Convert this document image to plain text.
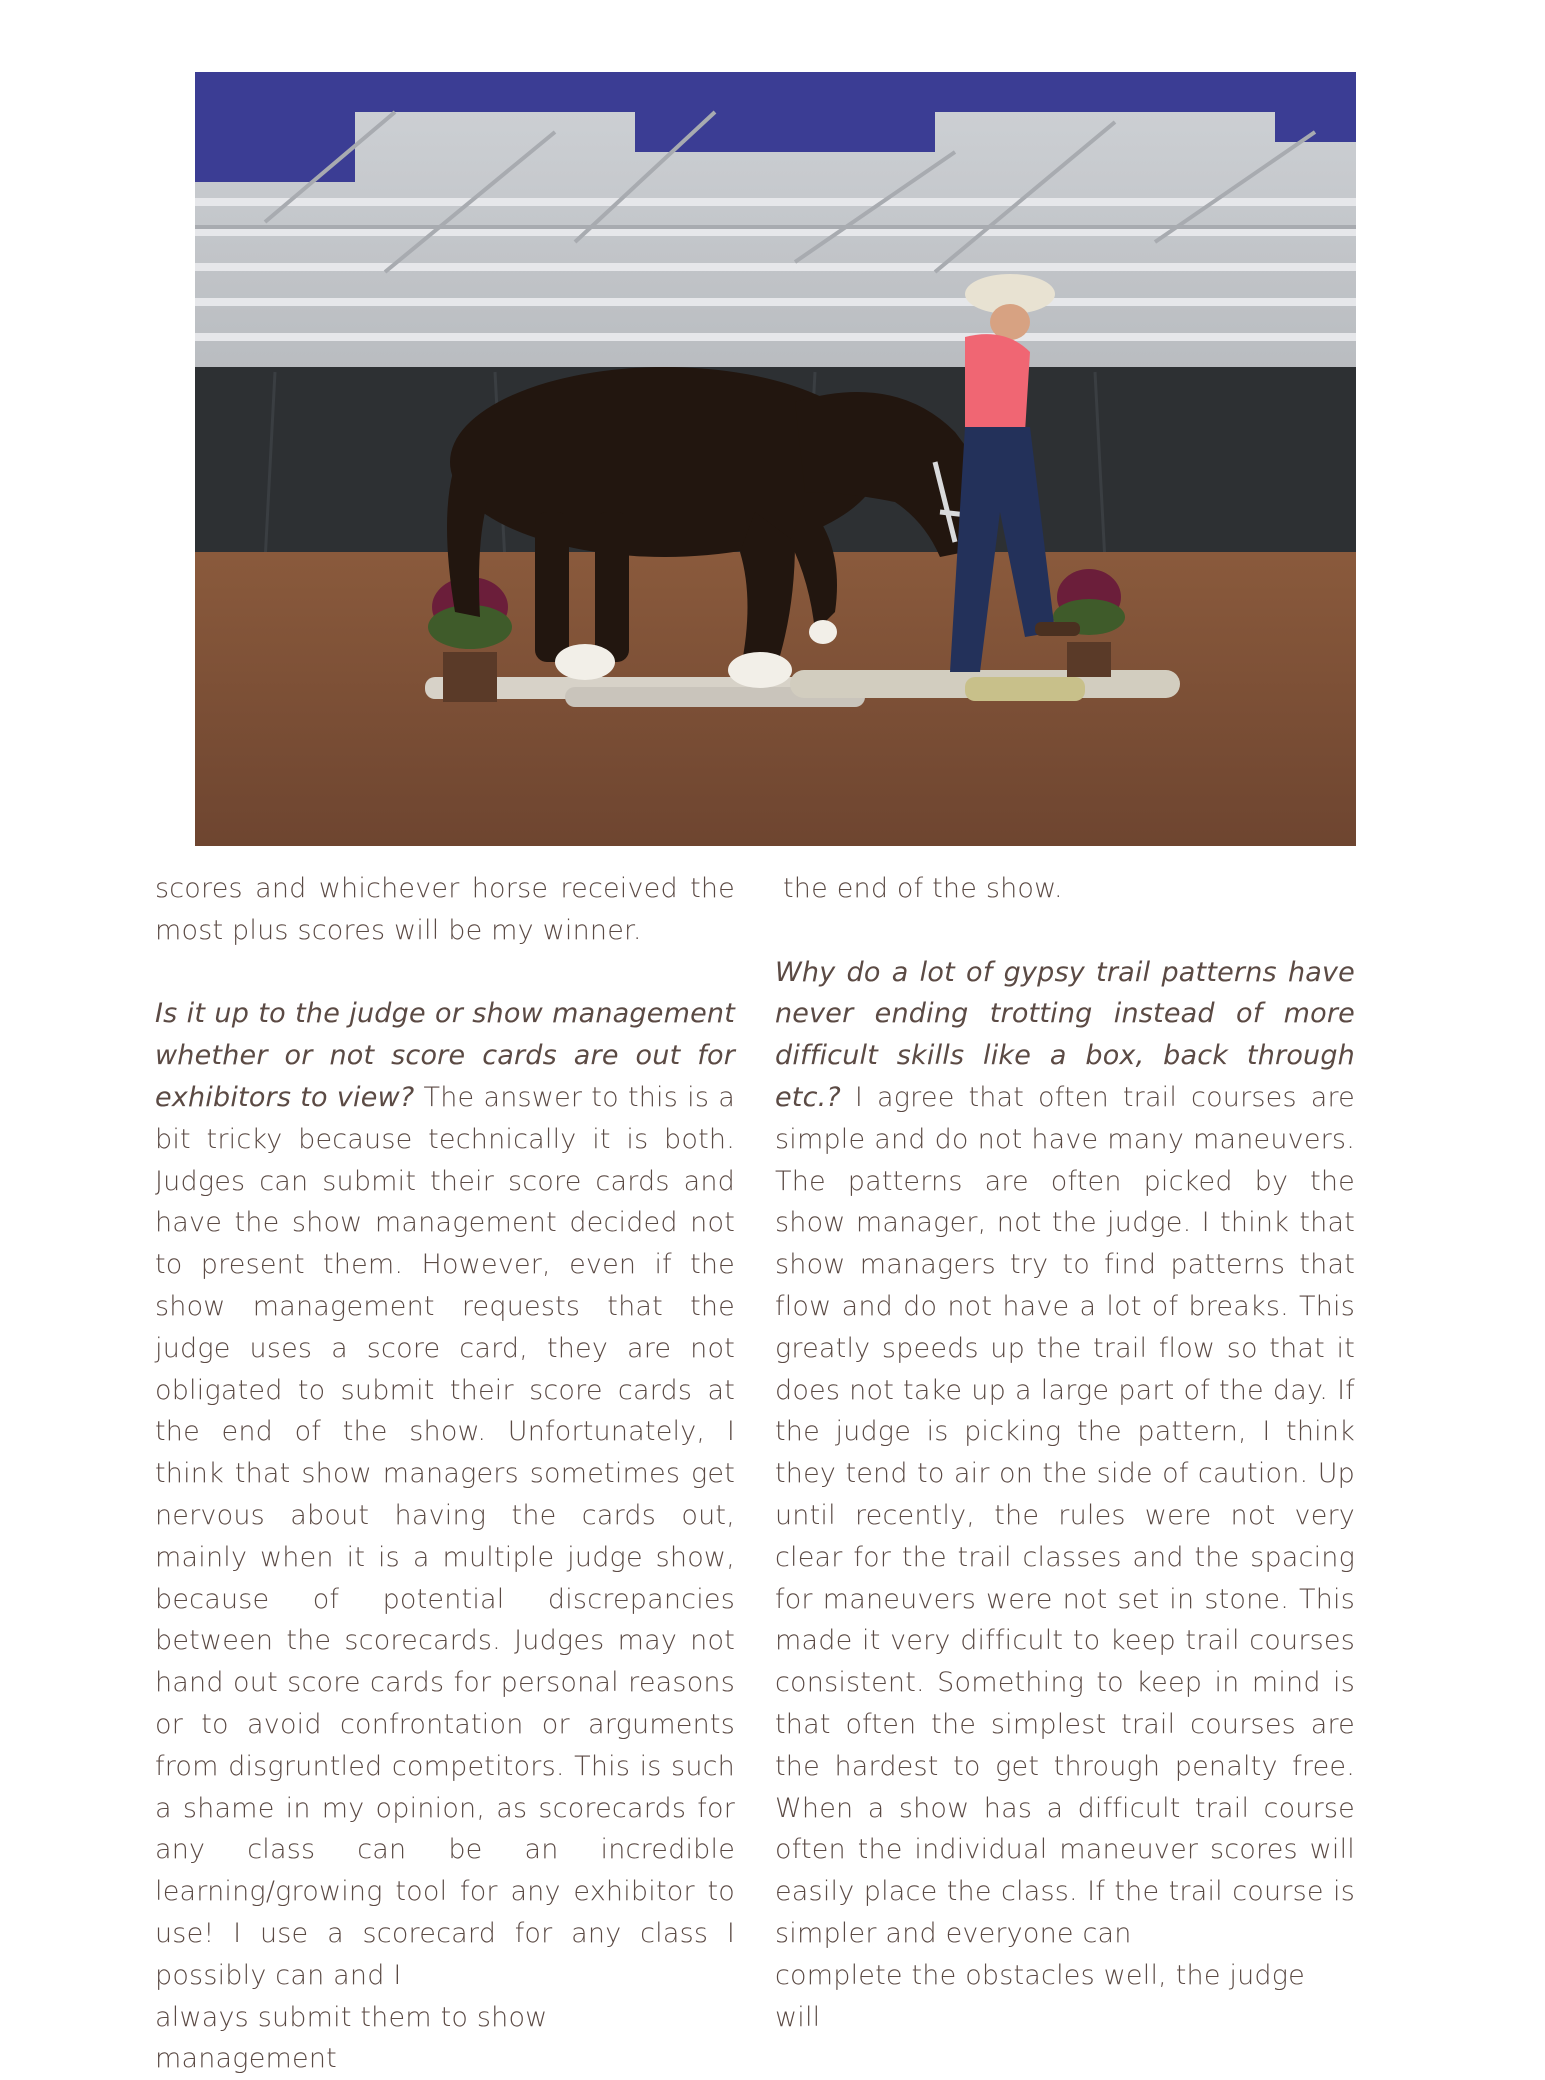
scores and whichever horse received the most plus scores will be my winner.

Is it up to the judge or show management whether or not score cards are out for exhibitors to view? The answer to this is a bit tricky because technically it is both. Judges can submit their score cards and have the show management decided not to present them. However, even if the show management requests that the judge uses a score card, they are not obligated to submit their score cards at the end of the show. Unfortunately, I think that show managers sometimes get nervous about having the cards out, mainly when it is a multiple judge show, because of potential discrepancies between the scorecards. Judges may not hand out score cards for personal reasons or to avoid confrontation or arguments from disgruntled competitors. This is such a shame in my opinion, as scorecards for any class can be an incredible learning/growing tool for any exhibitor to use! I use a scorecard for any class I possibly can and I

always submit them to show management

the end of the show.

Why do a lot of gypsy trail patterns have never ending trotting instead of more difficult skills like a box, back through etc.? I agree that often trail courses are simple and do not have many maneuvers. The patterns are often picked by the show manager, not the judge. I think that show managers try to find patterns that flow and do not have a lot of breaks. This greatly speeds up the trail flow so that it does not take up a large part of the day. If the judge is picking the pattern, I think they tend to air on the side of caution. Up until recently, the rules were not very clear for the trail classes and the spacing for maneuvers were not set in stone. This made it very difficult to keep trail courses consistent. Something to keep in mind is that often the simplest trail courses are the hardest to get through penalty free. When a show has a difficult trail course often the individual maneuver scores will easily place the class. If the trail course is simpler and everyone can

complete the obstacles well, the judge will
